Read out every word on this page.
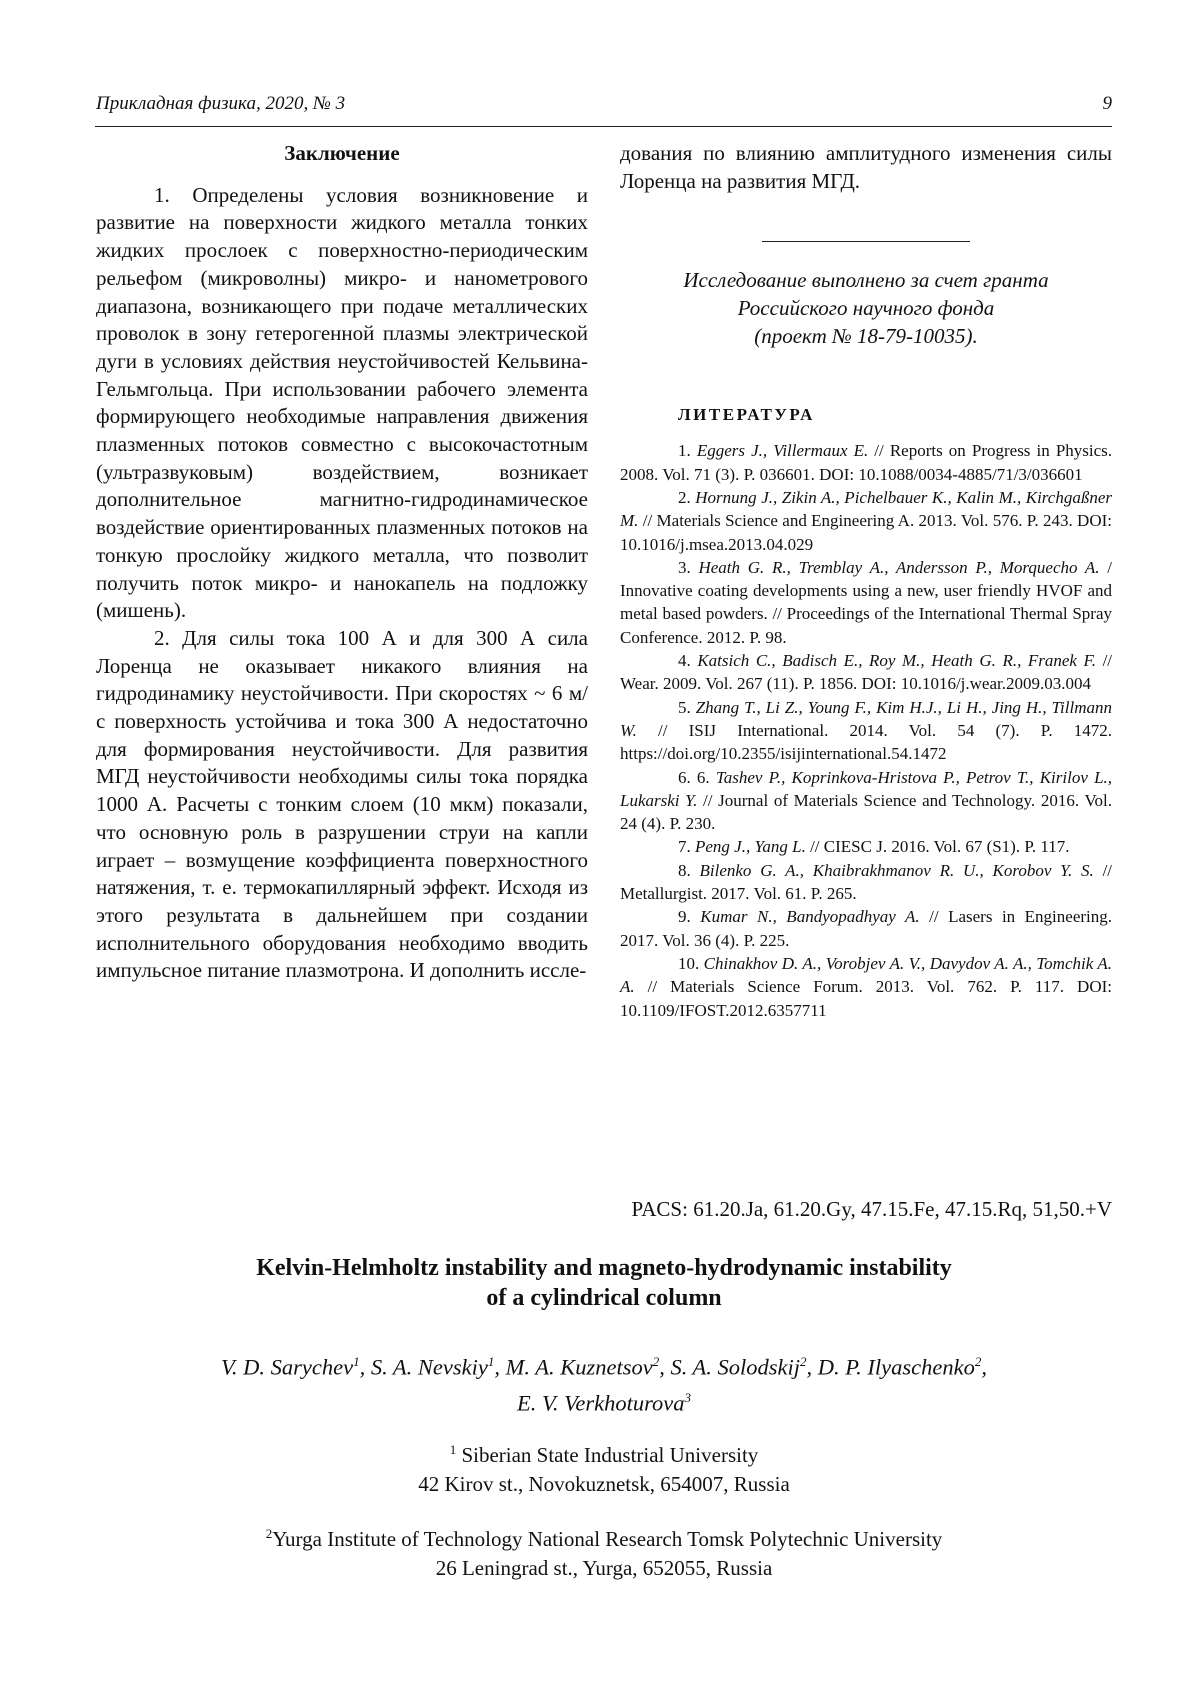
Прикладная физика, 2020, № 3	9
Заключение

1. Определены условия возникновение и развитие на поверхности жидкого металла тонких жидких прослоек с поверхностно-периодическим рельефом (микроволны) микро- и нанометрового диапазона, возникающего при подаче металлических проволок в зону гетерогенной плазмы электрической дуги в условиях действия неустойчивостей Кельвина-Гельмгольца. При использовании рабочего элемента формирующего необходимые направления движения плазменных потоков совместно с высокочастотным (ультразвуковым) воздействием, возникает дополнительное магнитно-гидродинамическое воздействие ориентированных плазменных потоков на тонкую прослойку жидкого металла, что позволит получить поток микро- и нанокапель на подложку (мишень).

2. Для силы тока 100 А и для 300 А сила Лоренца не оказывает никакого влияния на гидродинамику неустойчивости. При скоростях ~ 6 м/с поверхность устойчива и тока 300 А недостаточно для формирования неустойчивости. Для развития МГД неустойчивости необходимы силы тока порядка 1000 А. Расчеты с тонким слоем (10 мкм) показали, что основную роль в разрушении струи на капли играет – возмущение коэффициента поверхностного натяжения, т. е. термокапиллярный эффект. Исходя из этого результата в дальнейшем при создании исполнительного оборудования необходимо вводить импульсное питание плазмотрона. И дополнить иссле-

дования по влиянию амплитудного изменения силы Лоренца на развития МГД.

Исследование выполнено за счет гранта
Российского научного фонда
(проект № 18-79-10035).
ЛИТЕРАТУРА

1. Eggers J., Villermaux E. // Reports on Progress in Physics. 2008. Vol. 71 (3). P. 036601. DOI: 10.1088/0034-4885/71/3/036601

2. Hornung J., Zikin A., Pichelbauer K., Kalin M., Kirchgaßner M. // Materials Science and Engineering A. 2013. Vol. 576. P. 243. DOI: 10.1016/j.msea.2013.04.029

3. Heath G. R., Tremblay A., Andersson P., Morquecho A. / Innovative coating developments using a new, user friendly HVOF and metal based powders. // Proceedings of the International Thermal Spray Conference. 2012. P. 98.

4. Katsich C., Badisch E., Roy M., Heath G. R., Franek F. // Wear. 2009. Vol. 267 (11). P. 1856. DOI: 10.1016/j.wear.2009.03.004

5. Zhang T., Li Z., Young F., Kim H.J., Li H., Jing H., Tillmann W. // ISIJ International. 2014. Vol. 54 (7). P. 1472. https://doi.org/10.2355/isijinternational.54.1472

6. 6. Tashev P., Koprinkova-Hristova P., Petrov T., Kirilov L., Lukarski Y. // Journal of Materials Science and Technology. 2016. Vol. 24 (4). P. 230.

7. Peng J., Yang L. // CIESC J. 2016. Vol. 67 (S1). P. 117.

8. Bilenko G. A., Khaibrakhmanov R. U., Korobov Y. S. // Metallurgist. 2017. Vol. 61. P. 265.

9. Kumar N., Bandyopadhyay A. // Lasers in Engineering. 2017. Vol. 36 (4). P. 225.

10. Chinakhov D. A., Vorobjev A. V., Davydov A. A., Tomchik A. A. // Materials Science Forum. 2013. Vol. 762. P. 117. DOI: 10.1109/IFOST.2012.6357711

PACS: 61.20.Ja, 61.20.Gy, 47.15.Fe, 47.15.Rq, 51,50.+V
Kelvin-Helmholtz instability and magneto-hydrodynamic instability
of a cylindrical column
V. D. Sarychev$^1$, S. A. Nevskiy$^1$, M. A. Kuznetsov$^2$, S. A. Solodskij$^2$, D. P. Ilyaschenko$^2$,
E. V. Verkhoturova$^3$
$^1$ Siberian State Industrial University
42 Kirov st., Novokuznetsk, 654007, Russia
$^2$Yurga Institute of Technology National Research Tomsk Polytechnic University
26 Leningrad st., Yurga, 652055, Russia
